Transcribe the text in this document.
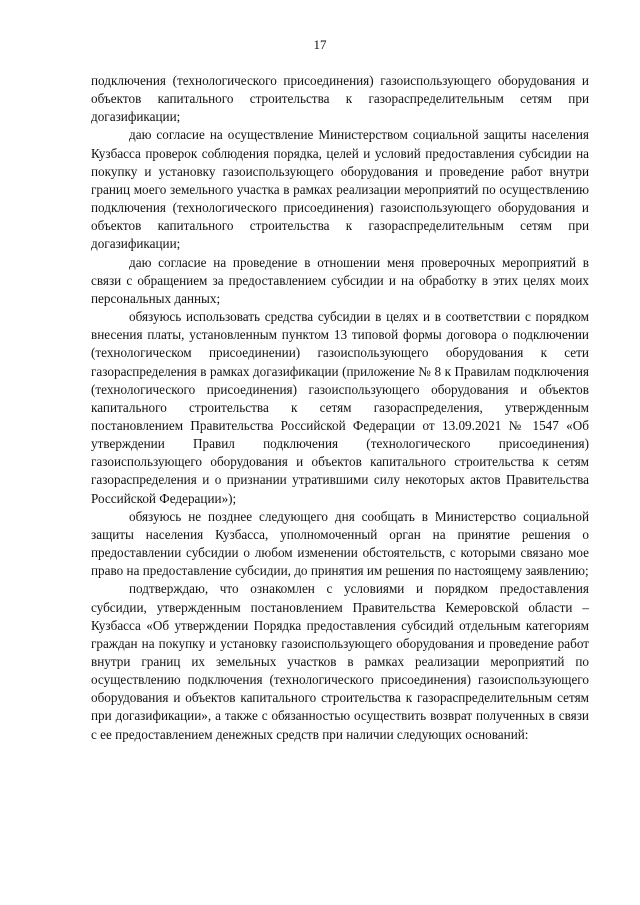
17

подключения (технологического присоединения) газоиспользующего оборудования и объектов капитального строительства к газораспределительным сетям при догазификации;

даю согласие на осуществление Министерством социальной защиты населения Кузбасса проверок соблюдения порядка, целей и условий предоставления субсидии на покупку и установку газоиспользующего оборудования и проведение работ внутри границ моего земельного участка в рамках реализации мероприятий по осуществлению подключения (технологического присоединения) газоиспользующего оборудования и объектов капитального строительства к газораспределительным сетям при догазификации;

даю согласие на проведение в отношении меня проверочных мероприятий в связи с обращением за предоставлением субсидии и на обработку в этих целях моих персональных данных;

обязуюсь использовать средства субсидии в целях и в соответствии с порядком внесения платы, установленным пунктом 13 типовой формы договора о подключении (технологическом присоединении) газоиспользующего оборудования к сети газораспределения в рамках догазификации (приложение № 8 к Правилам подключения (технологического присоединения) газоиспользующего оборудования и объектов капитального строительства к сетям газораспределения, утвержденным постановлением Правительства Российской Федерации от 13.09.2021 № 1547 «Об утверждении Правил подключения (технологического присоединения) газоиспользующего оборудования и объектов капитального строительства к сетям газораспределения и о признании утратившими силу некоторых актов Правительства Российской Федерации»);

обязуюсь не позднее следующего дня сообщать в Министерство социальной защиты населения Кузбасса, уполномоченный орган на принятие решения о предоставлении субсидии о любом изменении обстоятельств, с которыми связано мое право на предоставление субсидии, до принятия им решения по настоящему заявлению;

подтверждаю, что ознакомлен с условиями и порядком предоставления субсидии, утвержденным постановлением Правительства Кемеровской области – Кузбасса «Об утверждении Порядка предоставления субсидий отдельным категориям граждан на покупку и установку газоиспользующего оборудования и проведение работ внутри границ их земельных участков в рамках реализации мероприятий по осуществлению подключения (технологического присоединения) газоиспользующего оборудования и объектов капитального строительства к газораспределительным сетям при догазификации», а также с обязанностью осуществить возврат полученных в связи с ее предоставлением денежных средств при наличии следующих оснований:
